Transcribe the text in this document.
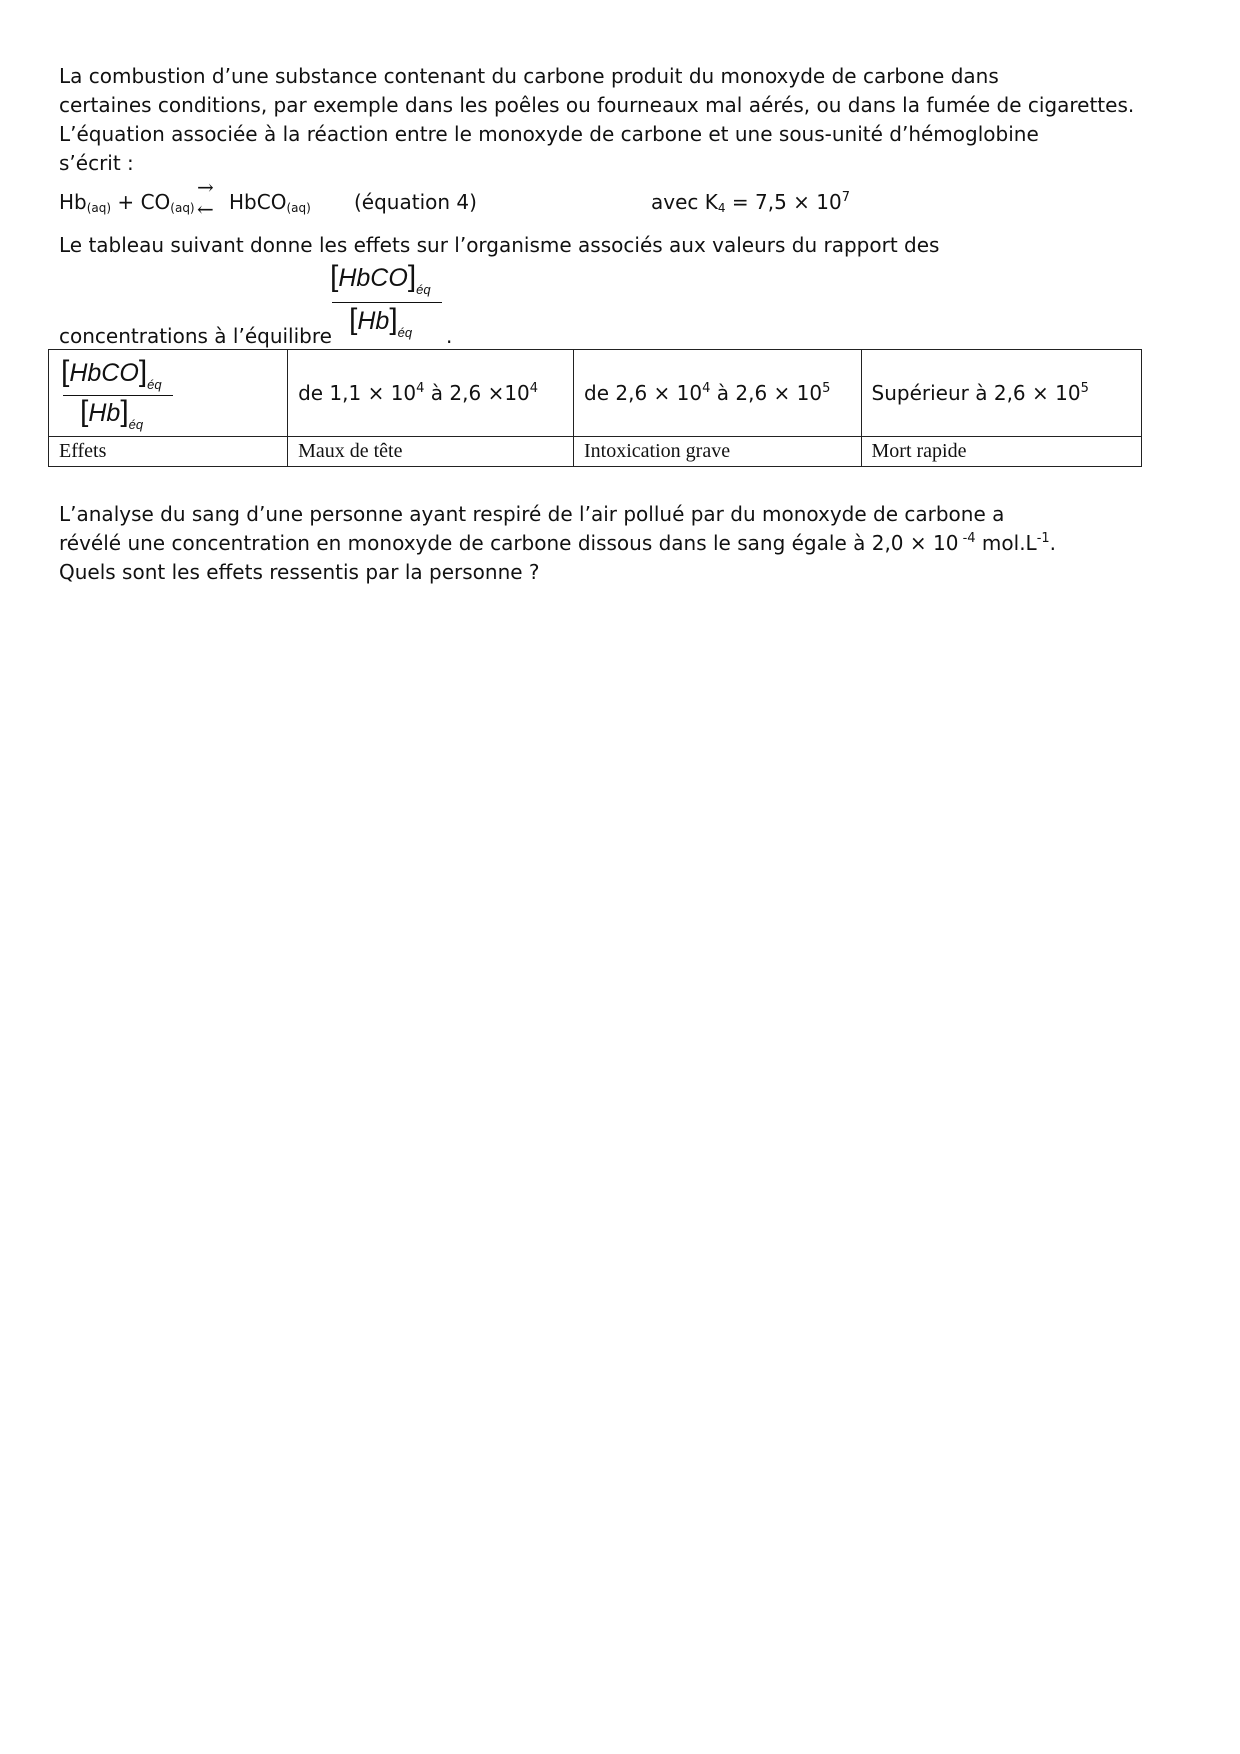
La combustion d’une substance contenant du carbone produit du monoxyde de carbone dans
certaines conditions, par exemple dans les poêles ou fourneaux mal aérés, ou dans la fumée de cigarettes.
L’équation associée à la réaction entre le monoxyde de carbone et une sous-unité d’hémoglobine
s’écrit :
$Hb_{(aq)} + CO_{(aq)}$
→
← HbCO$_{(aq)}$ (équation 4)	avec $K_4 = 7,5 \times 10^7$
Le tableau suivant donne les effets sur l’organisme associés aux valeurs du rapport des
concentrations à l’équilibre
$[HbCO]_{éq}$
$[Hb]_{éq}$ .
$[HbCO]_{éq}$
$[Hb]_{éq}$	de $1,1 \times 10^4$ à $2,6 \times 10^4$	de $2,6 \times 10^4$ à $2,6 \times 10^5$	Supérieur à $2,6 \times 10^5$
Effets	Maux de tête	Intoxication grave	Mort rapide
L’analyse du sang d’une personne ayant respiré de l’air pollué par du monoxyde de carbone a
révélé une concentration en monoxyde de carbone dissous dans le sang égale à 2,0 × 10 $^{-4}$ $mol.L^{-1}$.
Quels sont les effets ressentis par la personne ?
